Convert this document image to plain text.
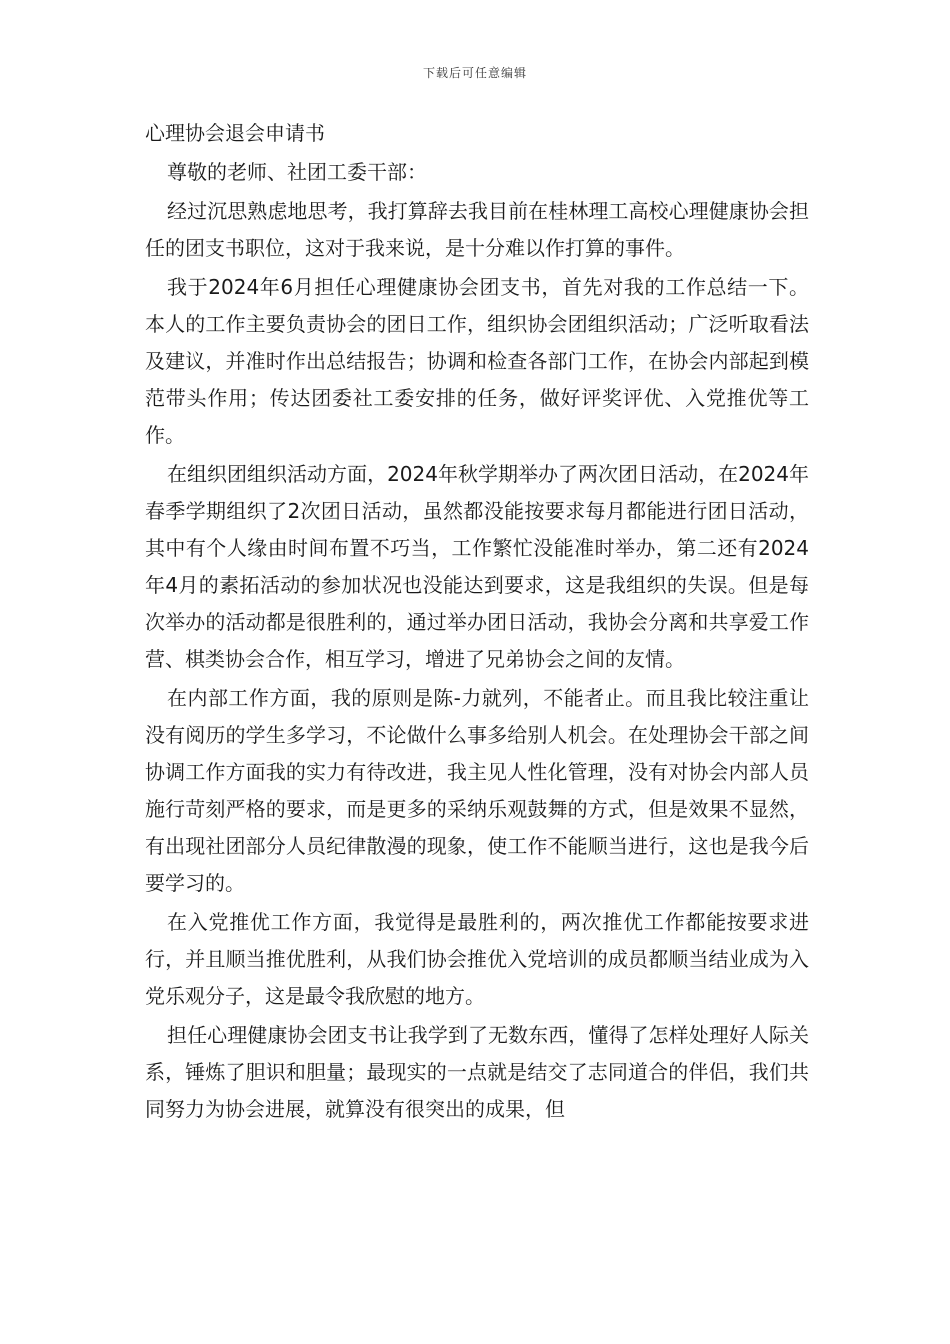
下载后可任意编辑
心理协会退会申请书

尊敬的老师、社团工委干部：

经过沉思熟虑地思考，我打算辞去我目前在桂林理工高校心理健康协会担任的团支书职位，这对于我来说，是十分难以作打算的事件。

我于2024年6月担任心理健康协会团支书，首先对我的工作总结一下。本人的工作主要负责协会的团日工作，组织协会团组织活动；广泛听取看法及建议，并准时作出总结报告；协调和检查各部门工作，在协会内部起到模范带头作用；传达团委社工委安排的任务，做好评奖评优、入党推优等工作。

在组织团组织活动方面，2024年秋学期举办了两次团日活动，在2024年春季学期组织了2次团日活动，虽然都没能按要求每月都能进行团日活动，其中有个人缘由时间布置不巧当，工作繁忙没能准时举办，第二还有2024年4月的素拓活动的参加状况也没能达到要求，这是我组织的失误。但是每次举办的活动都是很胜利的，通过举办团日活动，我协会分离和共享爱工作营、棋类协会合作，相互学习，增进了兄弟协会之间的友情。

在内部工作方面，我的原则是陈-力就列，不能者止。而且我比较注重让没有阅历的学生多学习，不论做什么事多给别人机会。在处理协会干部之间协调工作方面我的实力有待改进，我主见人性化管理，没有对协会内部人员施行苛刻严格的要求，而是更多的采纳乐观鼓舞的方式，但是效果不显然，有出现社团部分人员纪律散漫的现象，使工作不能顺当进行，这也是我今后要学习的。

在入党推优工作方面，我觉得是最胜利的，两次推优工作都能按要求进行，并且顺当推优胜利，从我们协会推优入党培训的成员都顺当结业成为入党乐观分子，这是最令我欣慰的地方。

担任心理健康协会团支书让我学到了无数东西，懂得了怎样处理好人际关系，锤炼了胆识和胆量；最现实的一点就是结交了志同道合的伴侣，我们共同努力为协会进展，就算没有很突出的成果，但
